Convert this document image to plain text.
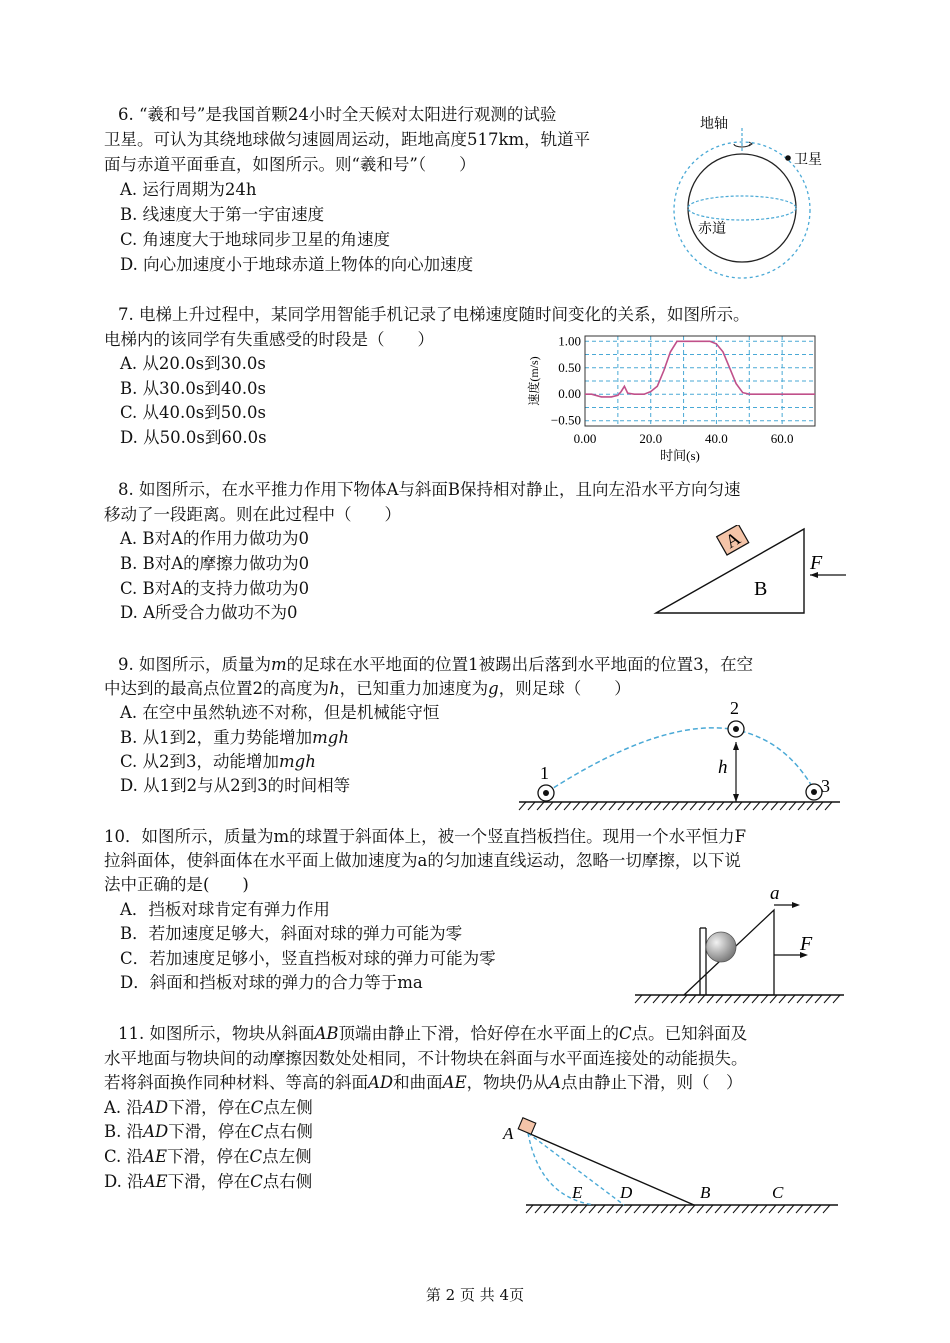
6. “羲和号”是我国首颗24小时全天候对太阳进行观测的试验
卫星。可认为其绕地球做匀速圆周运动，距地高度517km，轨道平
面与赤道平面垂直，如图所示。则“羲和号”（　　）
A. 运行周期为24h
B. 线速度大于第一宇宙速度
C. 角速度大于地球同步卫星的角速度
D. 向心加速度小于地球赤道上物体的向心加速度
地轴
卫星
赤道
7. 电梯上升过程中，某同学用智能手机记录了电梯速度随时间变化的关系，如图所示。
电梯内的该同学有失重感受的时段是（　　）
A. 从20.0s到30.0s
B. 从30.0s到40.0s
C. 从40.0s到50.0s
D. 从50.0s到60.0s	0.00	20.0	40.0	60.0
1.00
0.50
0.00
−0.50
时间(s)
速度(m/s)
8. 如图所示，在水平推力作用下物体A与斜面B保持相对静止，且向左沿水平方向匀速
移动了一段距离。则在此过程中（　　）
A. B对A的作用力做功为0
B. B对A的摩擦力做功为0
C. B对A的支持力做功为0
D. A所受合力做功不为0
A
B
F
9. 如图所示，质量为m的足球在水平地面的位置1被踢出后落到水平地面的位置3，在空
中达到的最高点位置2的高度为h，已知重力加速度为g，则足球（　　）
A. 在空中虽然轨迹不对称，但是机械能守恒
B. 从1到2，重力势能增加mgh
C. 从2到3，动能增加mgh
D. 从1到2与从2到3的时间相等
1
2
3
h
10．如图所示，质量为m的球置于斜面体上，被一个竖直挡板挡住。现用一个水平恒力F
拉斜面体，使斜面体在水平面上做加速度为a的匀加速直线运动，忽略一切摩擦，以下说
法中正确的是(　　)
A．挡板对球肯定有弹力作用
B．若加速度足够大，斜面对球的弹力可能为零
C．若加速度足够小，竖直挡板对球的弹力可能为零
D．斜面和挡板对球的弹力的合力等于ma
a
F
11. 如图所示，物块从斜面AB顶端由静止下滑，恰好停在水平面上的C点。已知斜面及
水平地面与物块间的动摩擦因数处处相同，不计物块在斜面与水平面连接处的动能损失。
若将斜面换作同种材料、等高的斜面AD和曲面AE，物块仍从A点由静止下滑，则（　）
A. 沿AD下滑，停在C点左侧
B. 沿AD下滑，停在C点右侧
C. 沿AE下滑，停在C点左侧
D. 沿AE下滑，停在C点右侧
A
E D	B	C
第 2 页 共 4页
